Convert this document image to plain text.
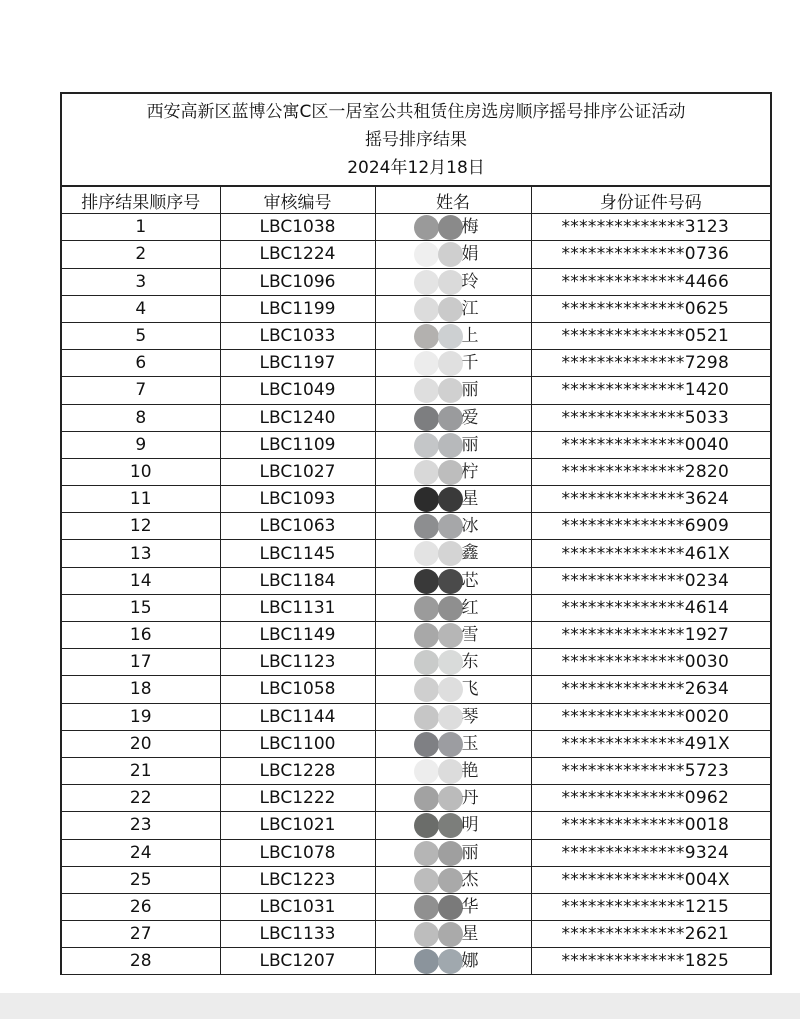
西安高新区蓝博公寓C区一居室公共租赁住房选房顺序摇号排序公证活动
摇号排序结果
2024年12月18日
排序结果顺序号	审核编号	姓名	身份证件号码
1	LBC1038	梅	**************3123
2	LBC1224	娟	**************0736
3	LBC1096	玲	**************4466
4	LBC1199	江	**************0625
5	LBC1033	上	**************0521
6	LBC1197	千	**************7298
7	LBC1049	丽	**************1420
8	LBC1240	爱	**************5033
9	LBC1109	丽	**************0040
10	LBC1027	柠	**************2820
11	LBC1093	星	**************3624
12	LBC1063	冰	**************6909
13	LBC1145	鑫	**************461X
14	LBC1184	芯	**************0234
15	LBC1131	红	**************4614
16	LBC1149	雪	**************1927
17	LBC1123	东	**************0030
18	LBC1058	飞	**************2634
19	LBC1144	琴	**************0020
20	LBC1100	玉	**************491X
21	LBC1228	艳	**************5723
22	LBC1222	丹	**************0962
23	LBC1021	明	**************0018
24	LBC1078	丽	**************9324
25	LBC1223	杰	**************004X
26	LBC1031	华	**************1215
27	LBC1133	星	**************2621
28	LBC1207	娜	**************1825
